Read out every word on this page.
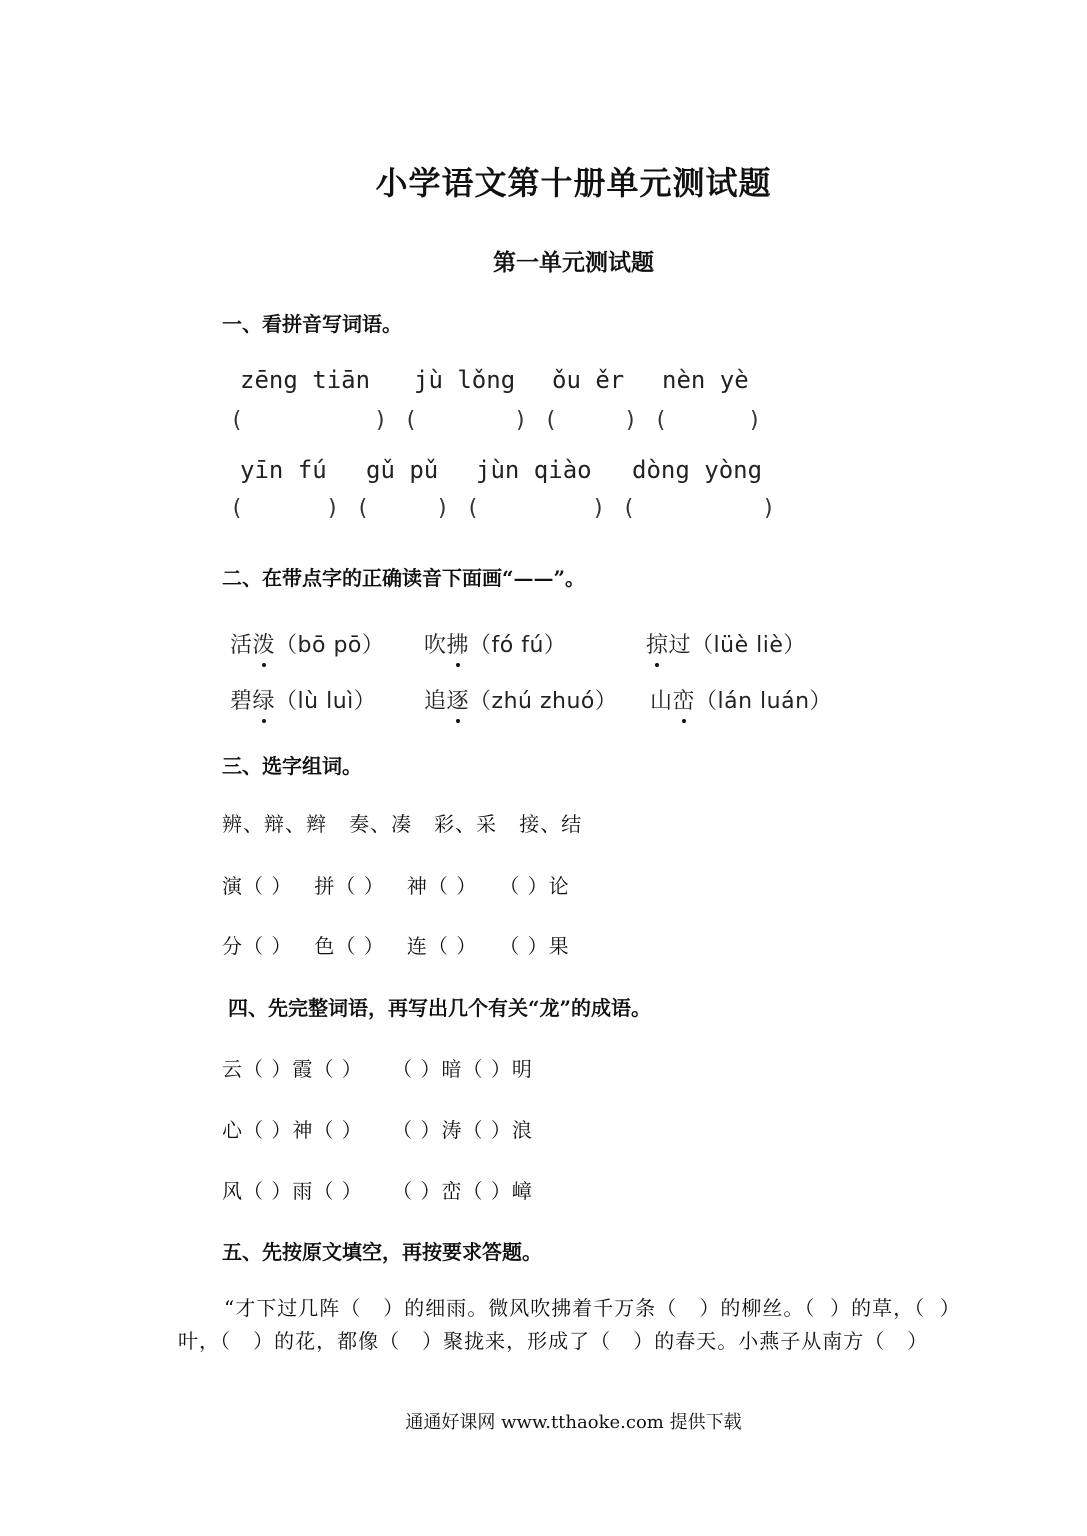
小学语文第十册单元测试题
第一单元测试题
一、看拼音写词语。
zēng tiān jù lǒng ǒu ěr nèn yè
(	) (	) (	) (	)
yīn fú gǔ pǔ jùn qiào dòng yòng
(	) (	) (	) (	)
二、在带点字的正确读音下面画“——”。
活泼（bō pō） 吹拂（fó fú）	掠过（lüè liè）
碧绿（lù luì） 追逐（zhú zhuó） 山峦（lán luán）
三、选字组词。
辨、辩、辫   奏、凑   彩、采   接、结
演（ ）   拼（ ）   神（ ）   （ ）论
分（ ）   色（ ）   连（ ）   （ ）果
四、先完整词语，再写出几个有关“龙”的成语。
云（ ）霞（ ）    （ ）暗（ ）明
心（ ）神（ ）    （ ）涛（ ）浪
风（ ）雨（ ）    （ ）峦（ ）嶂
五、先按原文填空，再按要求答题。
“才下过几阵（   ）的细雨。微风吹拂着千万条（   ）的柳丝。（  ）的草，（  ）
叶，（   ）的花，都像（   ）聚拢来，形成了（   ）的春天。小燕子从南方（   ）
通通好课网 www.tthaoke.com 提供下载
